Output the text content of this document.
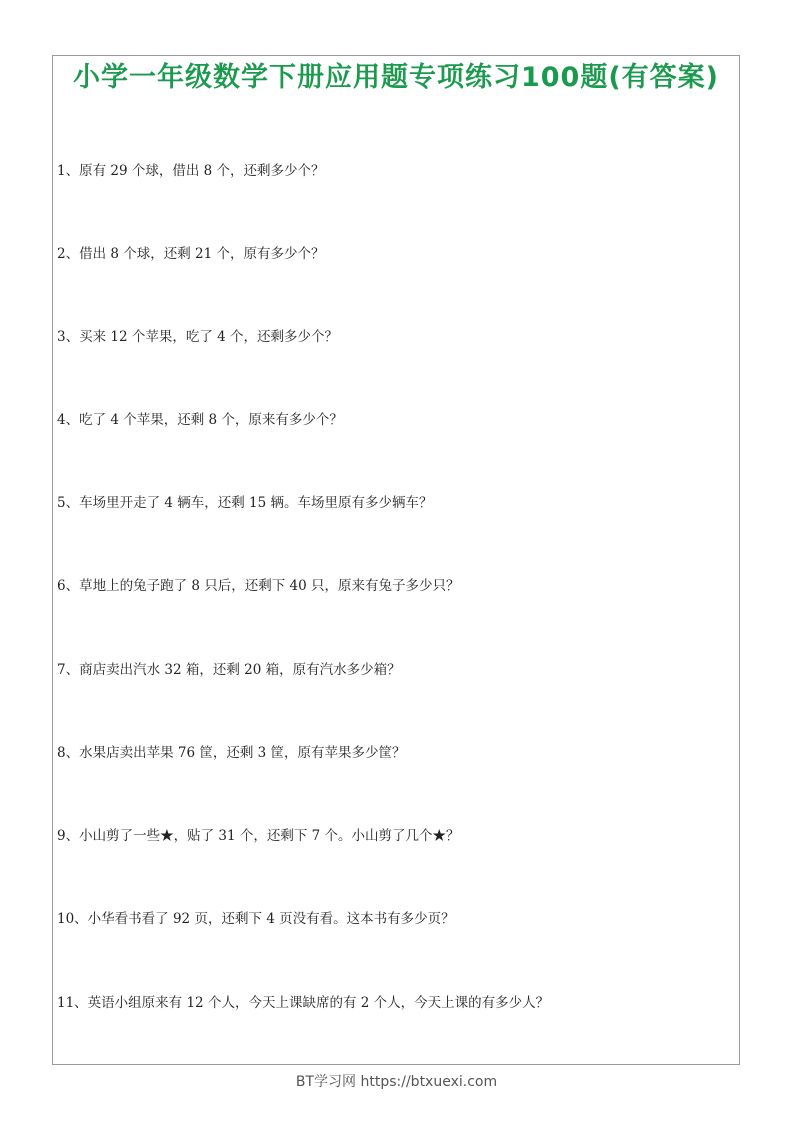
小学一年级数学下册应用题专项练习100题(有答案)
1、原有 29 个球，借出 8 个，还剩多少个？
2、借出 8 个球，还剩 21 个，原有多少个？
3、买来 12 个苹果，吃了 4 个，还剩多少个？
4、吃了 4 个苹果，还剩 8 个，原来有多少个？
5、车场里开走了 4 辆车，还剩 15 辆。车场里原有多少辆车？
6、草地上的兔子跑了 8 只后，还剩下 40 只，原来有兔子多少只？
7、商店卖出汽水 32 箱，还剩 20 箱，原有汽水多少箱？
8、水果店卖出苹果 76 筐，还剩 3 筐，原有苹果多少筐？
9、小山剪了一些★，贴了 31 个，还剩下 7 个。小山剪了几个★？
10、小华看书看了 92 页，还剩下 4 页没有看。这本书有多少页？
11、英语小组原来有 12 个人，今天上课缺席的有 2 个人，今天上课的有多少人？
BT学习网 https://btxuexi.com
